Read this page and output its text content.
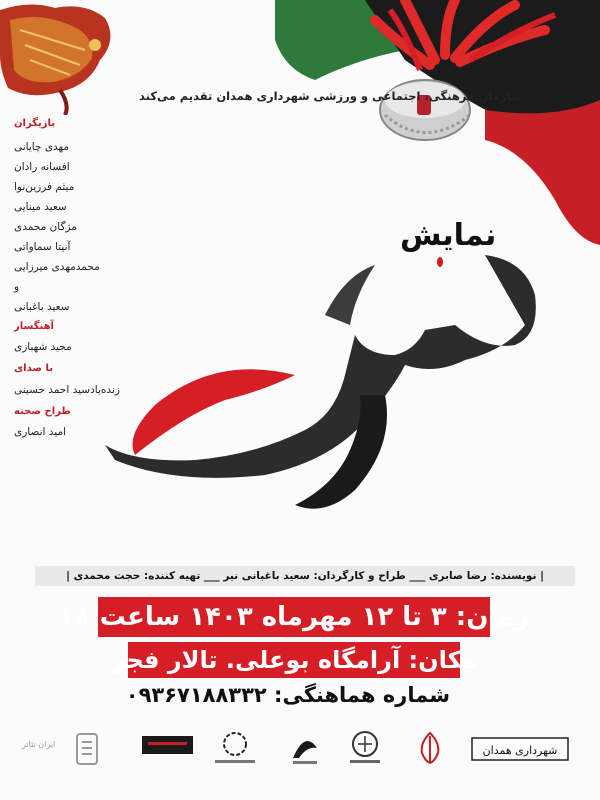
سازمان فرهنگی، اجتماعی و ورزشی شهرداری همدان تقدیم می‌کند
بازیگران
مهدی چایانی
افسانه رادان
میثم فرزین‌نوا
سعید مینایی
مژگان محمدی
آنیتا سماواتی
محمدمهدی میرزایی
و
سعید باغبانی
آهنگساز
مجید شهبازی
با صدای
زنده‌یادسید احمد حسینی
طراح صحنه
امید انصاری
نمایش
| نویسنده: رضا صابری ___ طراح و کارگردان: سعید باغبانی نیر ___ تهیه کننده: حجت محمدی |
زمان: ۳ تا ۱۲ مهرماه ۱۴۰۳ ساعت ۱۸
مکان: آرامگاه بوعلی. تالار فجر
شماره هماهنگی: ۰۹۳۶۷۱۸۸۳۳۲
شهرداری همدان
ایران تئاتر
